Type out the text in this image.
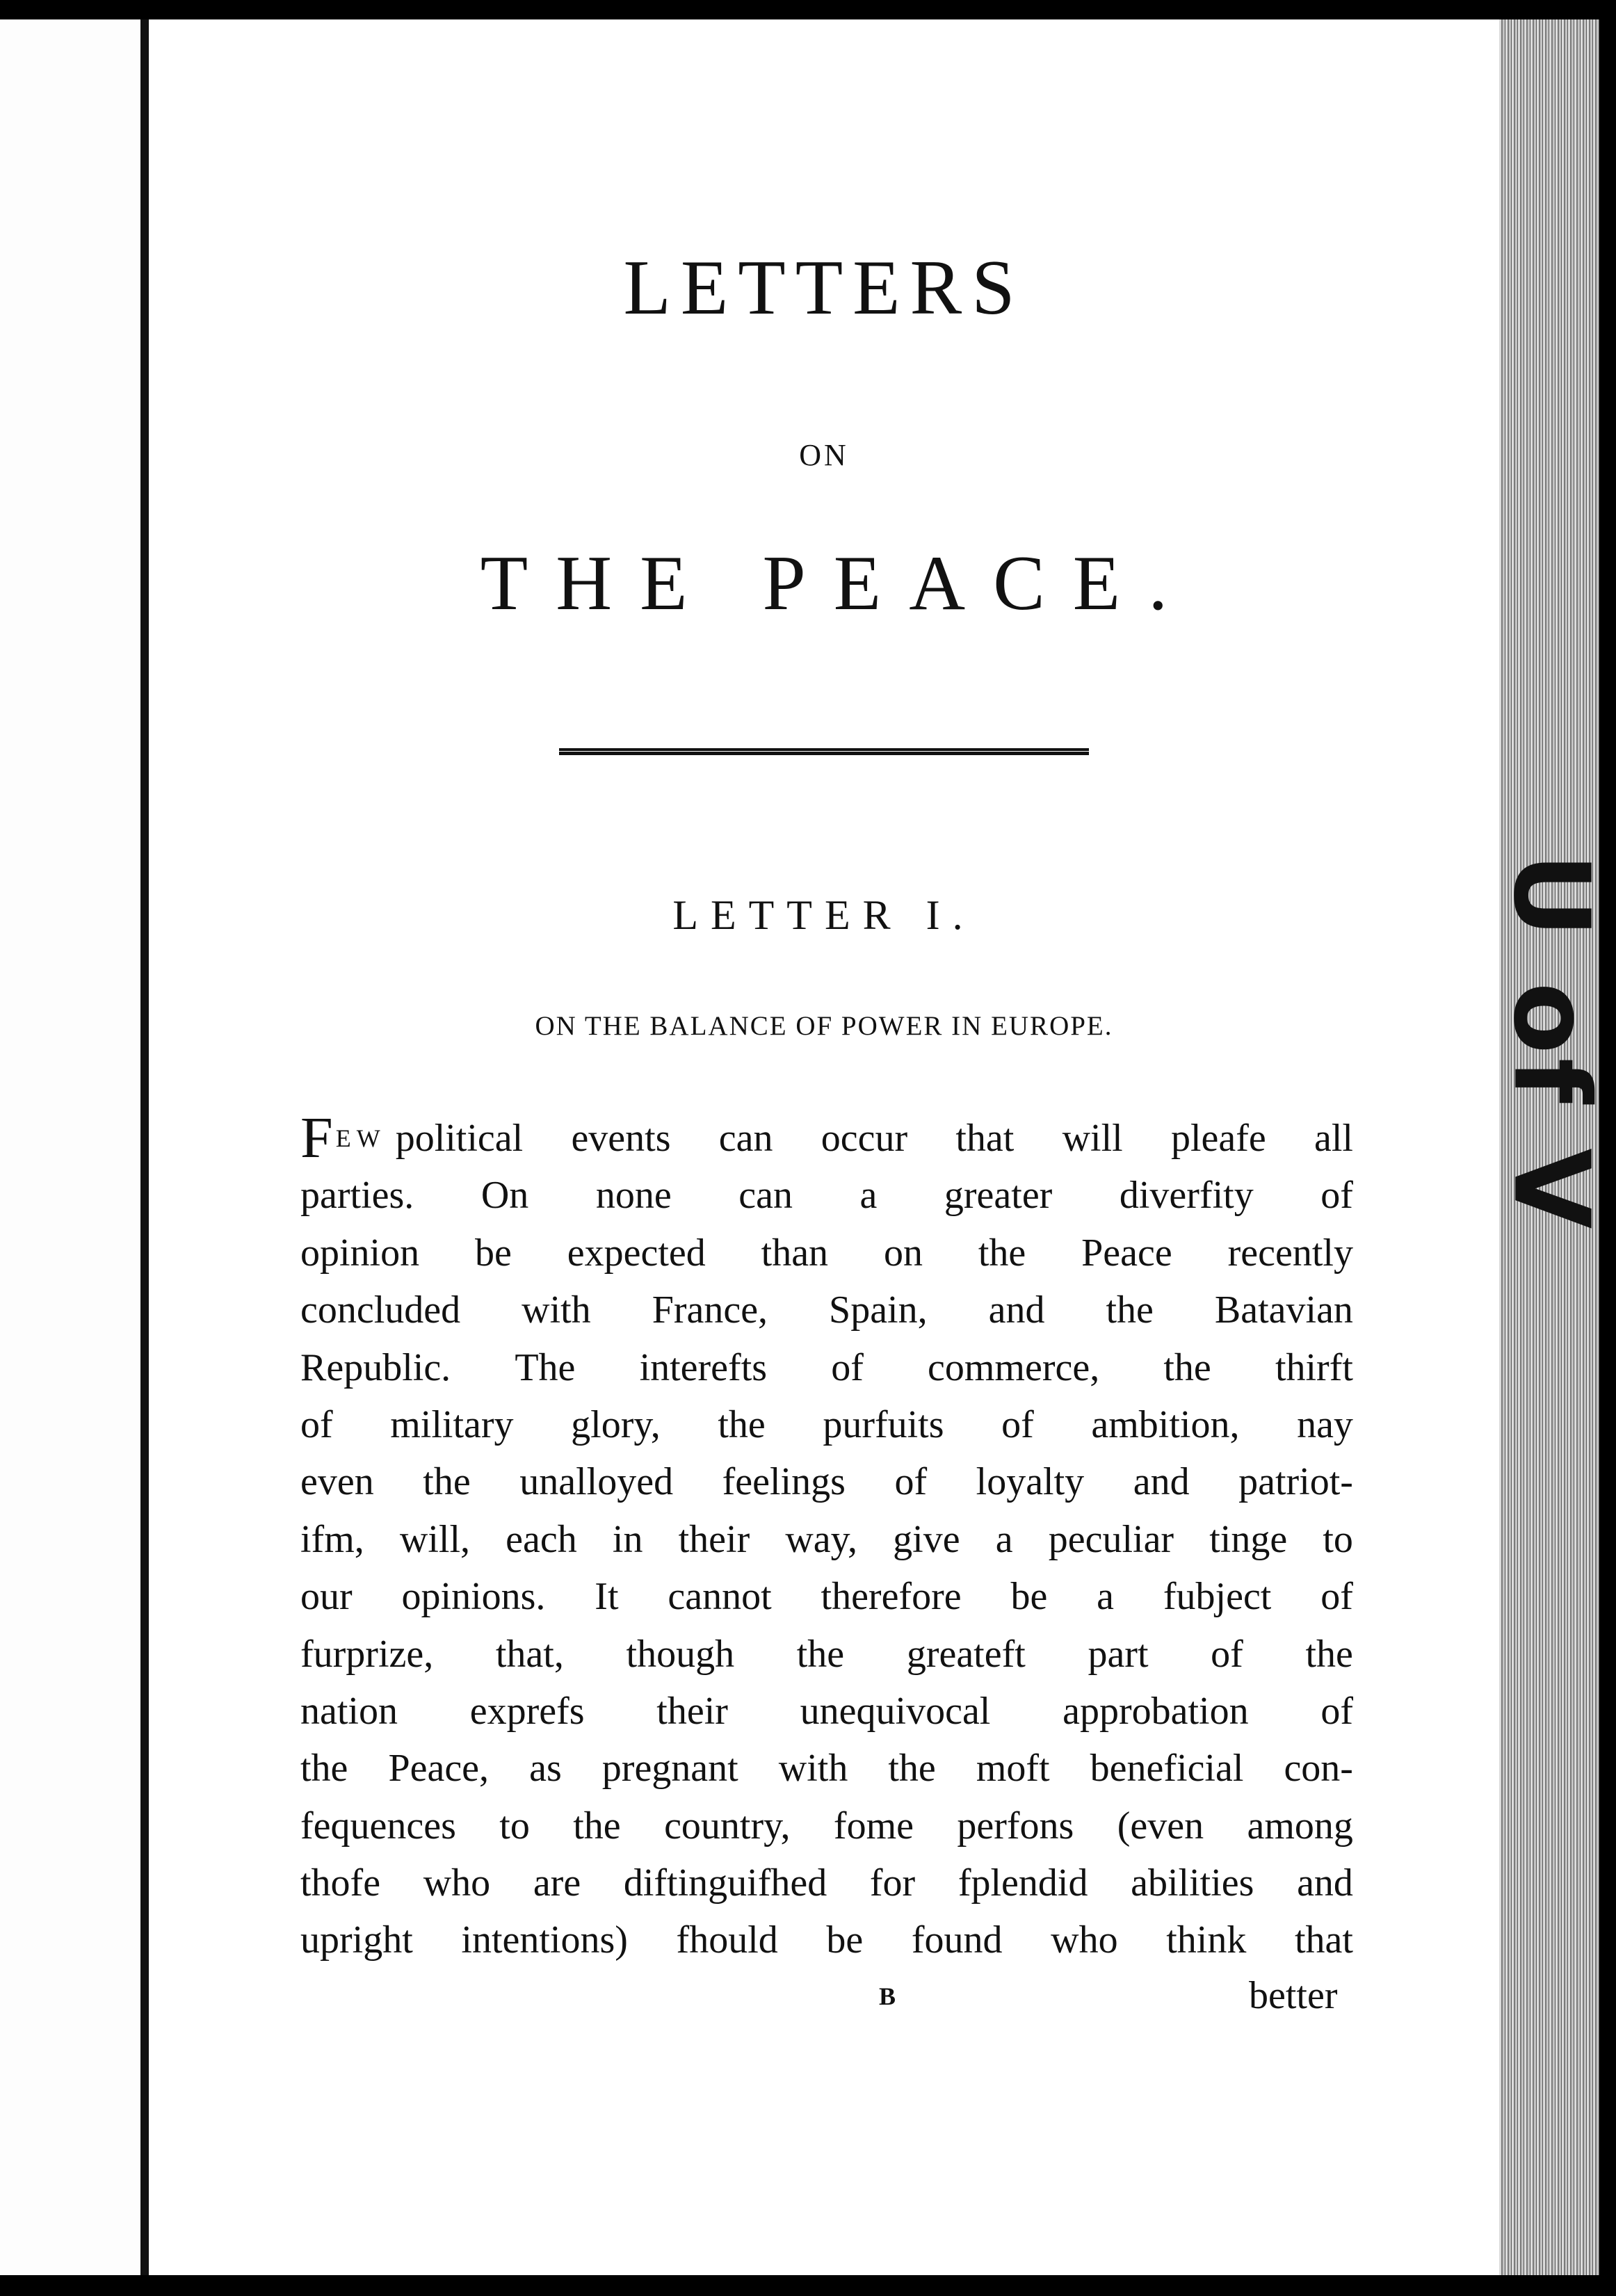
LETTERS
ON
THE PEACE.
LETTER I.
ON THE BALANCE OF POWER IN EUROPE.
F EW political events can occur that will pleafe all
parties. On none can a greater diverfity of
opinion be expected than on the Peace recently
concluded with France, Spain, and the Batavian
Republic. The interefts of commerce, the thirft
of military glory, the purfuits of ambition, nay
even the unalloyed feelings of loyalty and patriot-
ifm, will, each in their way, give a peculiar tinge to
our opinions. It cannot therefore be a fubject of
furprize, that, though the greateft part of the
nation exprefs their unequivocal approbation of
the Peace, as pregnant with the moft beneficial con-
fequences to the country, fome perfons (even among
thofe who are diftinguifhed for fplendid abilities and
upright intentions) fhould be found who think that
B	better
U of V
